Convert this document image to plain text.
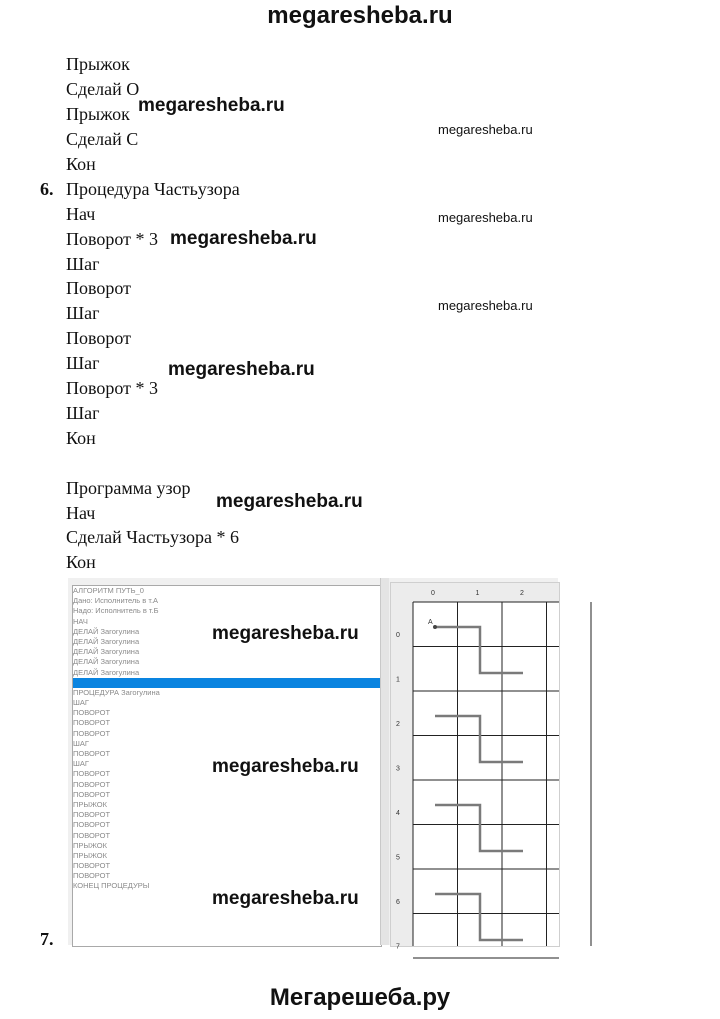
megaresheba.ru
6.
Прыжок
Сделай О
Прыжок
Сделай С
Кон
Процедура Частьузора
Нач
Поворот * 3
Шаг
Поворот
Шаг
Поворот
Шаг
Поворот * 3
Шаг
Кон
Программа узор
Нач
Сделай Частьузора * 6
Кон
megaresheba.ru
megaresheba.ru
megaresheba.ru
megaresheba.ru
megaresheba.ru
megaresheba.ru
megaresheba.ru
АЛГОРИТМ ПУТЬ_0
Дано: Исполнитель в т.А
Надо: Исполнитель в т.Б
НАЧ
ДЕЛАЙ Загогулина
ДЕЛАЙ Загогулина
ДЕЛАЙ Загогулина
ДЕЛАЙ Загогулина
ДЕЛАЙ Загогулина
ПРОЦЕДУРА Загогулина
ШАГ
ПОВОРОТ
ПОВОРОТ
ПОВОРОТ
ШАГ
ПОВОРОТ
ШАГ
ПОВОРОТ
ПОВОРОТ
ПОВОРОТ
ПРЫЖОК
ПОВОРОТ
ПОВОРОТ
ПОВОРОТ
ПРЫЖОК
ПРЫЖОК
ПОВОРОТ
ПОВОРОТ
КОНЕЦ ПРОЦЕДУРЫ
0	1	2
0
1
2
3
4
5
6
7
A
megaresheba.ru
megaresheba.ru
megaresheba.ru
7.
Мегарешеба.ру
